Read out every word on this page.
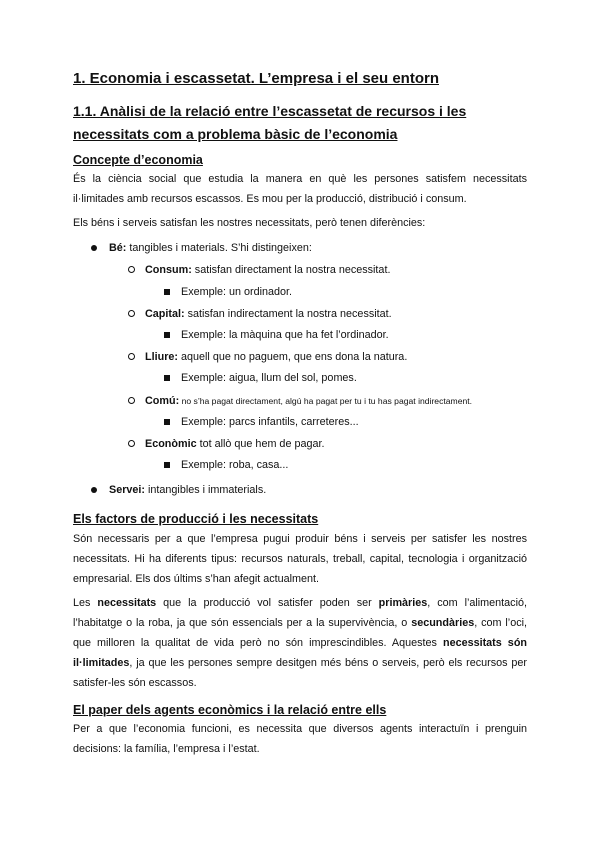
1. Economia i escassetat. L’empresa i el seu entorn
1.1. Anàlisi de la relació entre l’escassetat de recursos i les necessitats com a problema bàsic de l’economia
Concepte d’economia
És la ciència social que estudia la manera en què les persones satisfem necessitats il·limitades amb recursos escassos. Es mou per la producció, distribució i consum.
Els béns i serveis satisfan les nostres necessitats, però tenen diferències:
Bé: tangibles i materials. S’hi distingeixen:
Consum: satisfan directament la nostra necessitat.
Exemple: un ordinador.
Capital: satisfan indirectament la nostra necessitat.
Exemple: la màquina que ha fet l’ordinador.
Lliure: aquell que no paguem, que ens dona la natura.
Exemple: aigua, llum del sol, pomes.
Comú: no s’ha pagat directament, algú ha pagat per tu i tu has pagat indirectament.
Exemple: parcs infantils, carreteres...
Econòmic tot allò que hem de pagar.
Exemple: roba, casa...
Servei: intangibles i immaterials.
Els factors de producció i les necessitats
Són necessaris per a que l’empresa pugui produir béns i serveis per satisfer les nostres necessitats. Hi ha diferents tipus: recursos naturals, treball, capital, tecnologia i organització empresarial. Els dos últims s’han afegit actualment.
Les necessitats que la producció vol satisfer poden ser primàries, com l’alimentació, l’habitatge o la roba, ja que són essencials per a la supervivència, o secundàries, com l’oci, que milloren la qualitat de vida però no són imprescindibles. Aquestes necessitats són il·limitades, ja que les persones sempre desitgen més béns o serveis, però els recursos per satisfer-les són escassos.
El paper dels agents econòmics i la relació entre ells
Per a que l’economia funcioni, es necessita que diversos agents interactuïn i prenguin decisions: la família, l’empresa i l’estat.
